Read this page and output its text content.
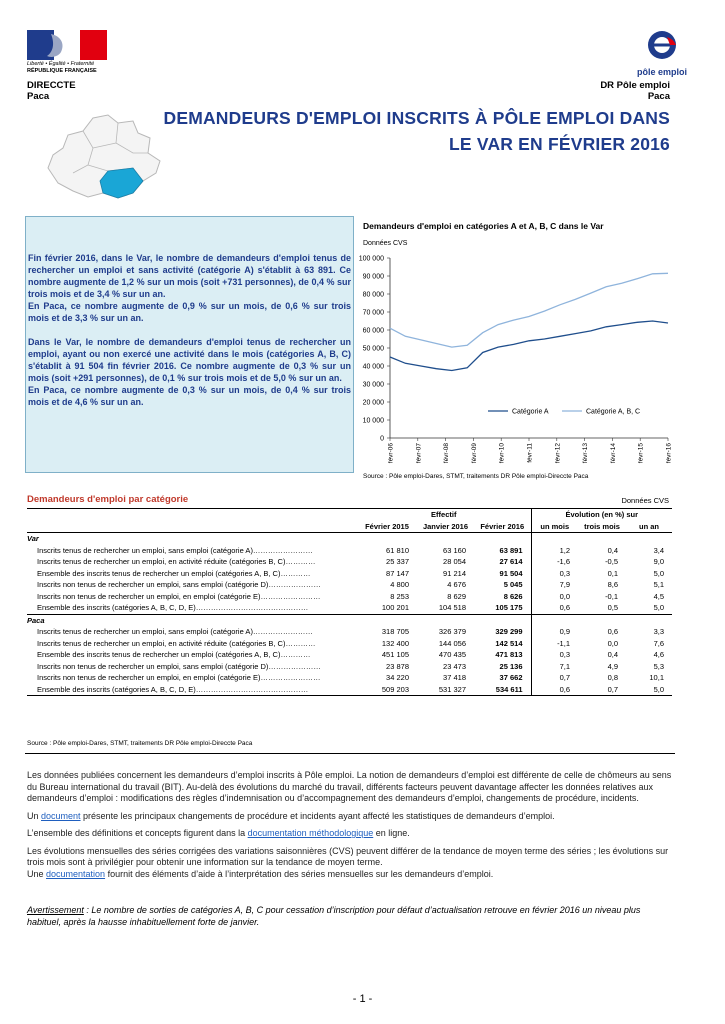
Liberté • Égalité • Fraternité
RÉPUBLIQUE FRANÇAISE	pôle emploi
DIRECCTE
Paca
DR Pôle emploi
Paca
DEMANDEURS D'EMPLOI INSCRITS À PÔLE EMPLOI DANS
LE VAR EN FÉVRIER 2016

Fin février 2016, dans le Var, le nombre de demandeurs d'emploi tenus de rechercher un emploi et sans activité (catégorie A) s'établit à 63 891. Ce nombre augmente de 1,2 % sur un mois (soit +731 personnes), de 0,4 % sur trois mois et de 3,4 % sur un an.

En Paca, ce nombre augmente de 0,9 % sur un mois, de 0,6 % sur trois mois et de 3,3 % sur un an.

Dans le Var, le nombre de demandeurs d'emploi tenus de rechercher un emploi, ayant ou non exercé une activité dans le mois (catégories A, B, C) s'établit à 91 504 fin février 2016. Ce nombre augmente de 0,3 % sur un mois (soit +291 personnes), de 0,1 % sur trois mois et de 5,0 % sur un an.

En Paca, ce nombre augmente de 0,3 % sur un mois, de 0,4 % sur trois mois et de 4,6 % sur un an.

Demandeurs d'emploi en catégories A et A, B, C dans le Var
Données CVS
0
10 000
20 000
30 000
40 000
50 000
60 000
70 000
80 000
90 000
100 000
févr-06	févr-07	févr-08	févr-09	févr-10	févr-11	févr-12	févr-13	févr-14	févr-15	févr-16
Catégorie A	Catégorie A, B, C
Source : Pôle emploi-Dares, STMT, traitements DR Pôle emploi-Direccte Paca
Demandeurs d'emploi par catégorie	Données CVS
	Effectif			Évolution (en %) sur		
	Février 2015	Janvier 2016	Février 2016	un mois	trois mois	un an
Var						
Inscrits tenus de rechercher un emploi, sans emploi (catégorie A)……………………	61 810	63 160	63 891	1,2	0,4	3,4
Inscrits tenus de rechercher un emploi, en activité réduite (catégories B, C)…………	25 337	28 054	27 614	-1,6	-0,5	9,0
Ensemble des inscrits tenus de rechercher un emploi (catégories A, B, C)…………	87 147	91 214	91 504	0,3	0,1	5,0
Inscrits non tenus de rechercher un emploi, sans emploi (catégorie D)…………………	4 800	4 676	5 045	7,9	8,6	5,1
Inscrits non tenus de rechercher un emploi, en emploi (catégorie E)……………………	8 253	8 629	8 626	0,0	-0,1	4,5
Ensemble des inscrits (catégories A, B, C, D, E)………………………………………	100 201	104 518	105 175	0,6	0,5	5,0
Paca						
Inscrits tenus de rechercher un emploi, sans emploi (catégorie A)……………………	318 705	326 379	329 299	0,9	0,6	3,3
Inscrits tenus de rechercher un emploi, en activité réduite (catégories B, C)…………	132 400	144 056	142 514	-1,1	0,0	7,6
Ensemble des inscrits tenus de rechercher un emploi (catégories A, B, C)…………	451 105	470 435	471 813	0,3	0,4	4,6
Inscrits non tenus de rechercher un emploi, sans emploi (catégorie D)…………………	23 878	23 473	25 136	7,1	4,9	5,3
Inscrits non tenus de rechercher un emploi, en emploi (catégorie E)……………………	34 220	37 418	37 662	0,7	0,8	10,1
Ensemble des inscrits (catégories A, B, C, D, E)………………………………………	509 203	531 327	534 611	0,6	0,7	5,0
Source : Pôle emploi-Dares, STMT, traitements DR Pôle emploi-Direccte Paca

Les données publiées concernent les demandeurs d’emploi inscrits à Pôle emploi. La notion de demandeurs d’emploi est différente de celle de chômeurs au sens du Bureau international du travail (BIT). Au-delà des évolutions du marché du travail, différents facteurs peuvent davantage affecter les données relatives aux demandeurs d’emploi : modifications des règles d’indemnisation ou d’accompagnement des demandeurs d’emploi, changements de procédure, incidents.

Un document présente les principaux changements de procédure et incidents ayant affecté les statistiques de demandeurs d’emploi.

L’ensemble des définitions et concepts figurent dans la documentation méthodologique en ligne.

Les évolutions mensuelles des séries corrigées des variations saisonnières (CVS) peuvent différer de la tendance de moyen terme des séries ; les évolutions sur trois mois sont à privilégier pour obtenir une information sur la tendance de moyen terme.
Une documentation fournit des éléments d’aide à l’interprétation des séries mensuelles sur les demandeurs d’emploi.

Avertissement : Le nombre de sorties de catégories A, B, C pour cessation d’inscription pour défaut d’actualisation retrouve en février 2016 un niveau plus habituel, après la hausse inhabituellement forte de janvier.
- 1 -
